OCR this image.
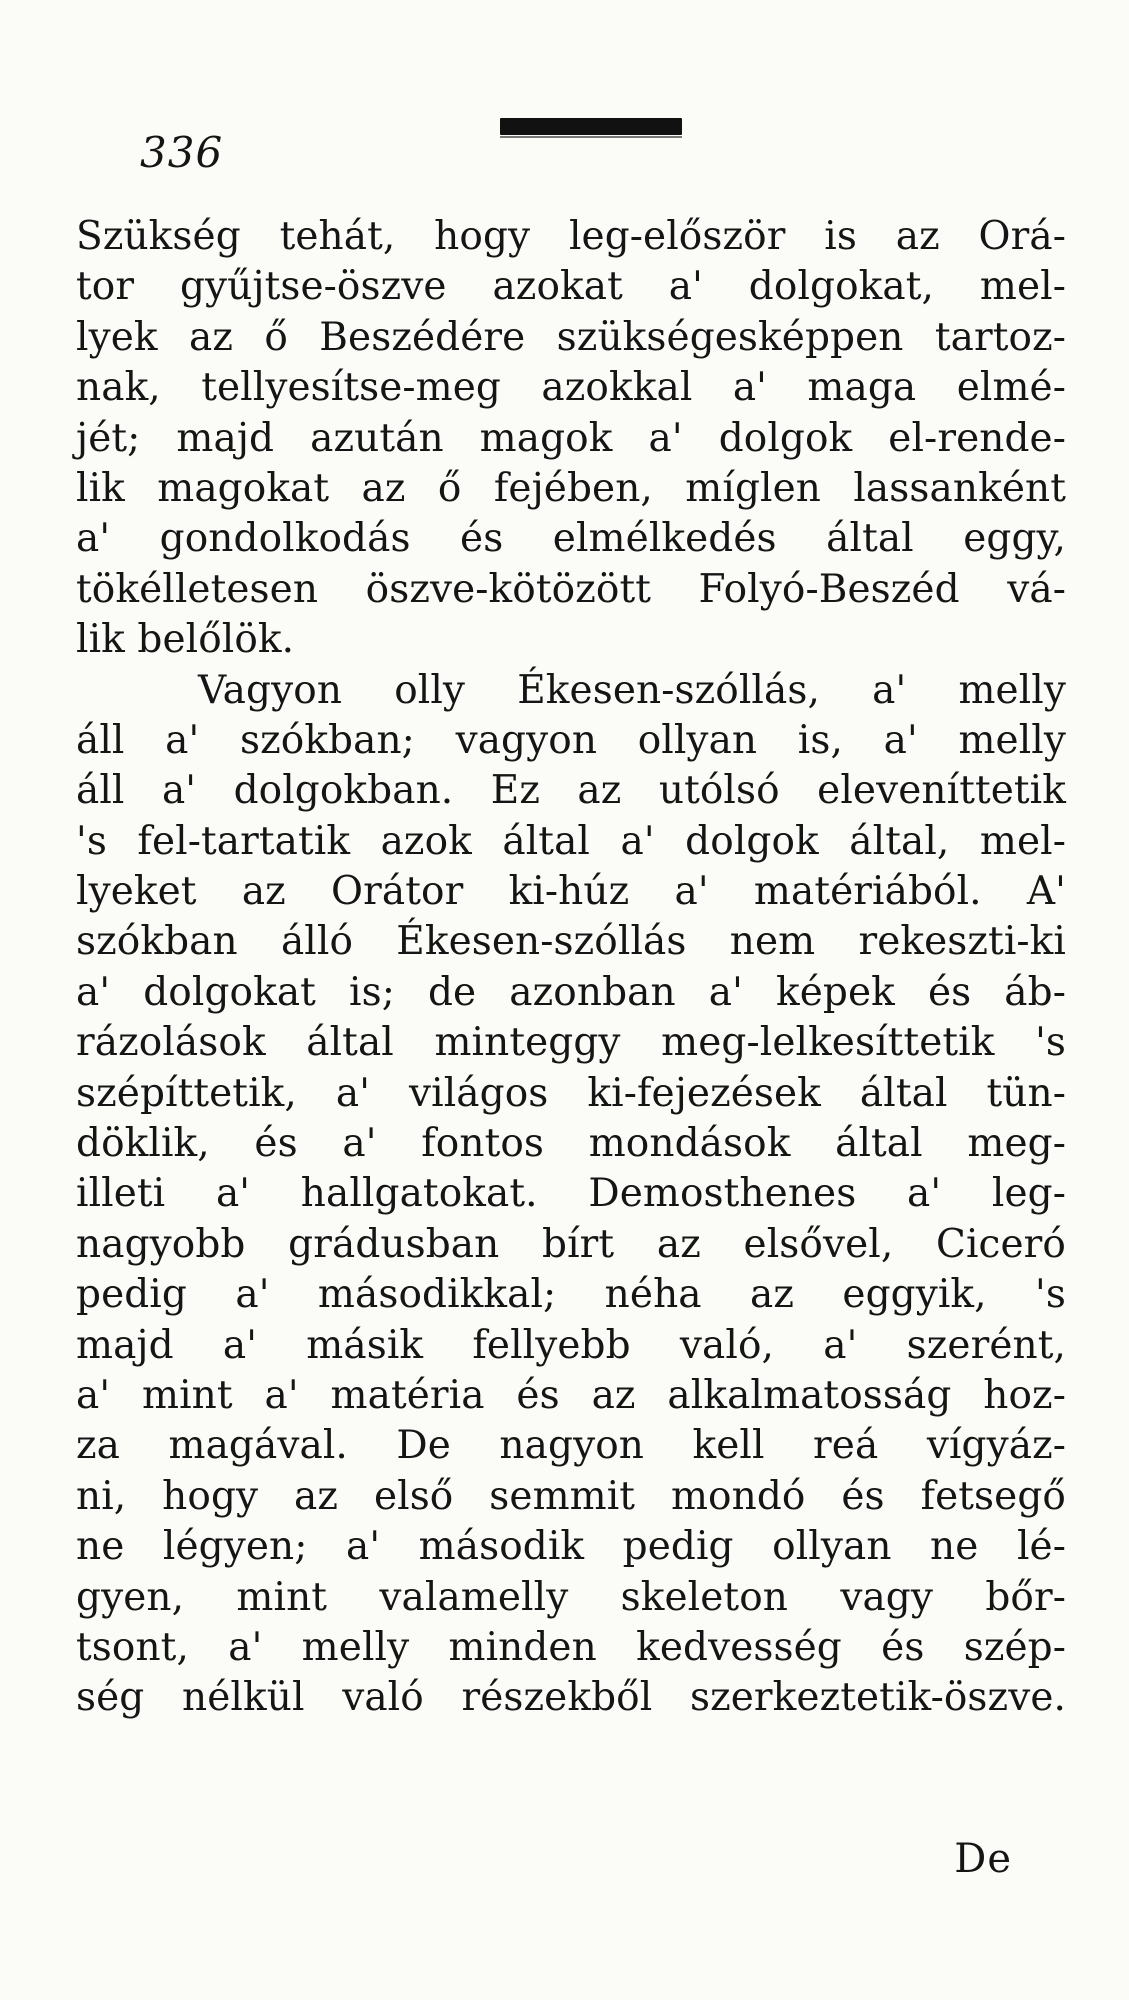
336
Szükség tehát, hogy leg-először is az Orá-
tor gyűjtse-öszve azokat a' dolgokat, mel-
lyek az ő Beszédére szükségesképpen tartoz-
nak, tellyesítse-meg azokkal a' maga elmé-
jét; majd azután magok a' dolgok el-rende-
lik magokat az ő fejében, míglen lassanként
a' gondolkodás és elmélkedés által eggy,
tökélletesen öszve-kötözött Folyó-Beszéd vá-
lik belőlök.
Vagyon olly Ékesen-szóllás, a' melly
áll a' szókban; vagyon ollyan is, a' melly
áll a' dolgokban. Ez az utólsó eleveníttetik
's fel-tartatik azok által a' dolgok által, mel-
lyeket az Orátor ki-húz a' matériából. A'
szókban álló Ékesen-szóllás nem rekeszti-ki
a' dolgokat is; de azonban a' képek és áb-
rázolások által minteggy meg-lelkesíttetik 's
szépíttetik, a' világos ki-fejezések által tün-
döklik, és a' fontos mondások által meg-
illeti a' hallgatokat. Demosthenes a' leg-
nagyobb grádusban bírt az elsővel, Ciceró
pedig a' másodikkal; néha az eggyik, 's
majd a' másik fellyebb való, a' szerént,
a' mint a' matéria és az alkalmatosság hoz-
za magával. De nagyon kell reá vígyáz-
ni, hogy az első semmit mondó és fetsegő
ne légyen; a' második pedig ollyan ne lé-
gyen, mint valamelly skeleton vagy bőr-
tsont, a' melly minden kedvesség és szép-
ség nélkül való részekből szerkeztetik-öszve.
De
